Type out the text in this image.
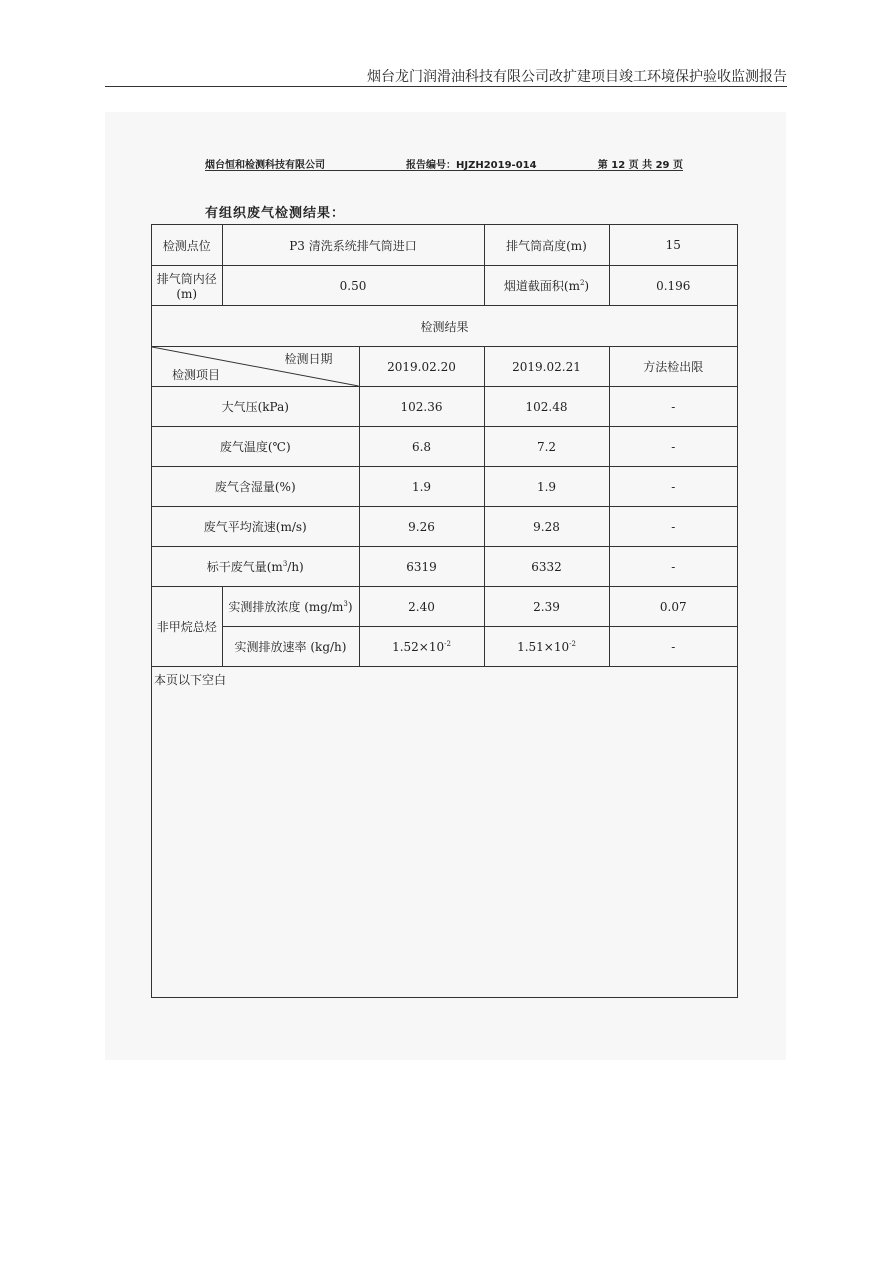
烟台龙门润滑油科技有限公司改扩建项目竣工环境保护验收监测报告
烟台恒和检测科技有限公司	报告编号：HJZH2019-014	第 12 页 共 29 页
有组织废气检测结果：
检测点位	P3 清洗系统排气筒进口		排气筒高度(m)	15
排气筒内径(m)	0.50		烟道截面积$(m^2)$	0.196
检测结果				

检测日期
检测项目		2019.02.20	2019.02.21	方法检出限
大气压(kPa)		102.36	102.48	-
废气温度(℃)		6.8	7.2	-
废气含湿量(%)		1.9	1.9	-
废气平均流速(m/s)		9.26	9.28	-
标干废气量$(m^3/h)$		6319	6332	-
非甲烷总烃	实测排放浓度 $(mg/m^3)$	2.40	2.39	0.07
	实测排放速率 (kg/h)	$1.52\times 10^{-2}$	$1.51\times 10^{-2}$	-
本页以下空白
